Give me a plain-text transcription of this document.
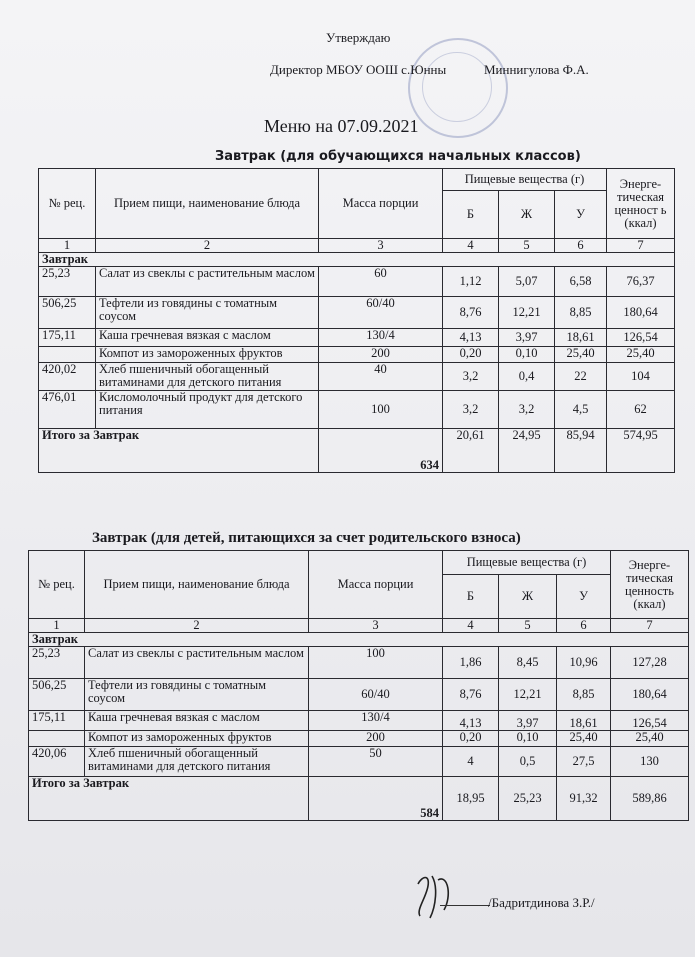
Утверждаю
Директор МБОУ ООШ с.Юнны	Миннигулова Ф.А.
Меню на 07.09.2021
Завтрак (для обучающихся начальных классов)
№ рец.	Прием пищи, наименование блюда	Масса порции	Пищевые вещества (г)			Энерге-тическая ценност ь (ккал)
			Б	Ж	У	
1	2	3	4	5	6	7
Завтрак						
25,23	Салат из свеклы с растительным маслом	60	1,12	5,07	6,58	76,37
506,25	Тефтели из говядины с томатным соусом	60/40	8,76	12,21	8,85	180,64
175,11	Каша гречневая вязкая с маслом	130/4	4,13	3,97	18,61	126,54
	Компот из замороженных фруктов	200	0,20	0,10	25,40	25,40
420,02	Хлеб пшеничный обогащенный витаминами для детского питания	40	3,2	0,4	22	104
476,01	Кисломолочный продукт для детского питания	100	3,2	3,2	4,5	62
Итого за Завтрак		634	20,61	24,95	85,94	574,95
Завтрак (для детей, питающихся за счет родительского взноса)
№ рец.	Прием пищи, наименование блюда	Масса порции	Пищевые вещества (г)			Энерге-тическая ценность (ккал)
			Б	Ж	У	
1	2	3	4	5	6	7
Завтрак						
25,23	Салат из свеклы с растительным маслом	100	1,86	8,45	10,96	127,28
506,25	Тефтели из говядины с томатным соусом	60/40	8,76	12,21	8,85	180,64
175,11	Каша гречневая вязкая с маслом	130/4	4,13	3,97	18,61	126,54
	Компот из замороженных фруктов	200	0,20	0,10	25,40	25,40
420,06	Хлеб пшеничный обогащенный витаминами для детского питания	50	4	0,5	27,5	130
Итого за Завтрак		584	18,95	25,23	91,32	589,86
/Бадритдинова З.Р./
